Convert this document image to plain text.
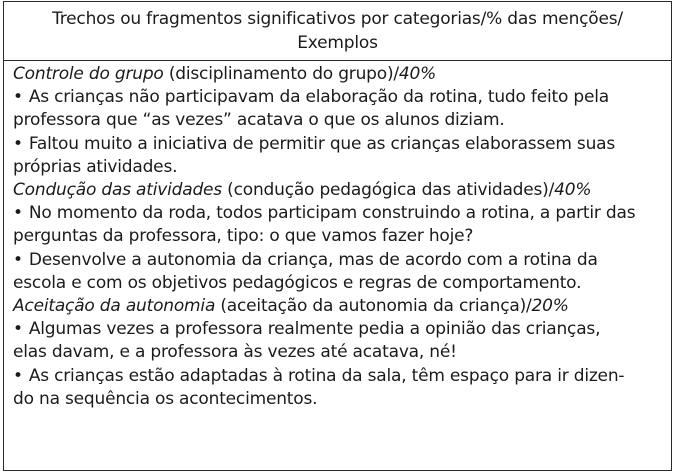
Trechos ou fragmentos significativos por categorias/% das menções/
Exemplos
Controle do grupo (disciplinamento do grupo)/40%
• As crianças não participavam da elaboração da rotina, tudo feito pela
professora que “as vezes” acatava o que os alunos diziam.
• Faltou muito a iniciativa de permitir que as crianças elaborassem suas
próprias atividades.
Condução das atividades (condução pedagógica das atividades)/40%
• No momento da roda, todos participam construindo a rotina, a partir das
perguntas da professora, tipo: o que vamos fazer hoje?
• Desenvolve a autonomia da criança, mas de acordo com a rotina da
escola e com os objetivos pedagógicos e regras de comportamento.
Aceitação da autonomia (aceitação da autonomia da criança)/20%
• Algumas vezes a professora realmente pedia a opinião das crianças,
elas davam, e a professora às vezes até acatava, né!
• As crianças estão adaptadas à rotina da sala, têm espaço para ir dizen-
do na sequência os acontecimentos.
